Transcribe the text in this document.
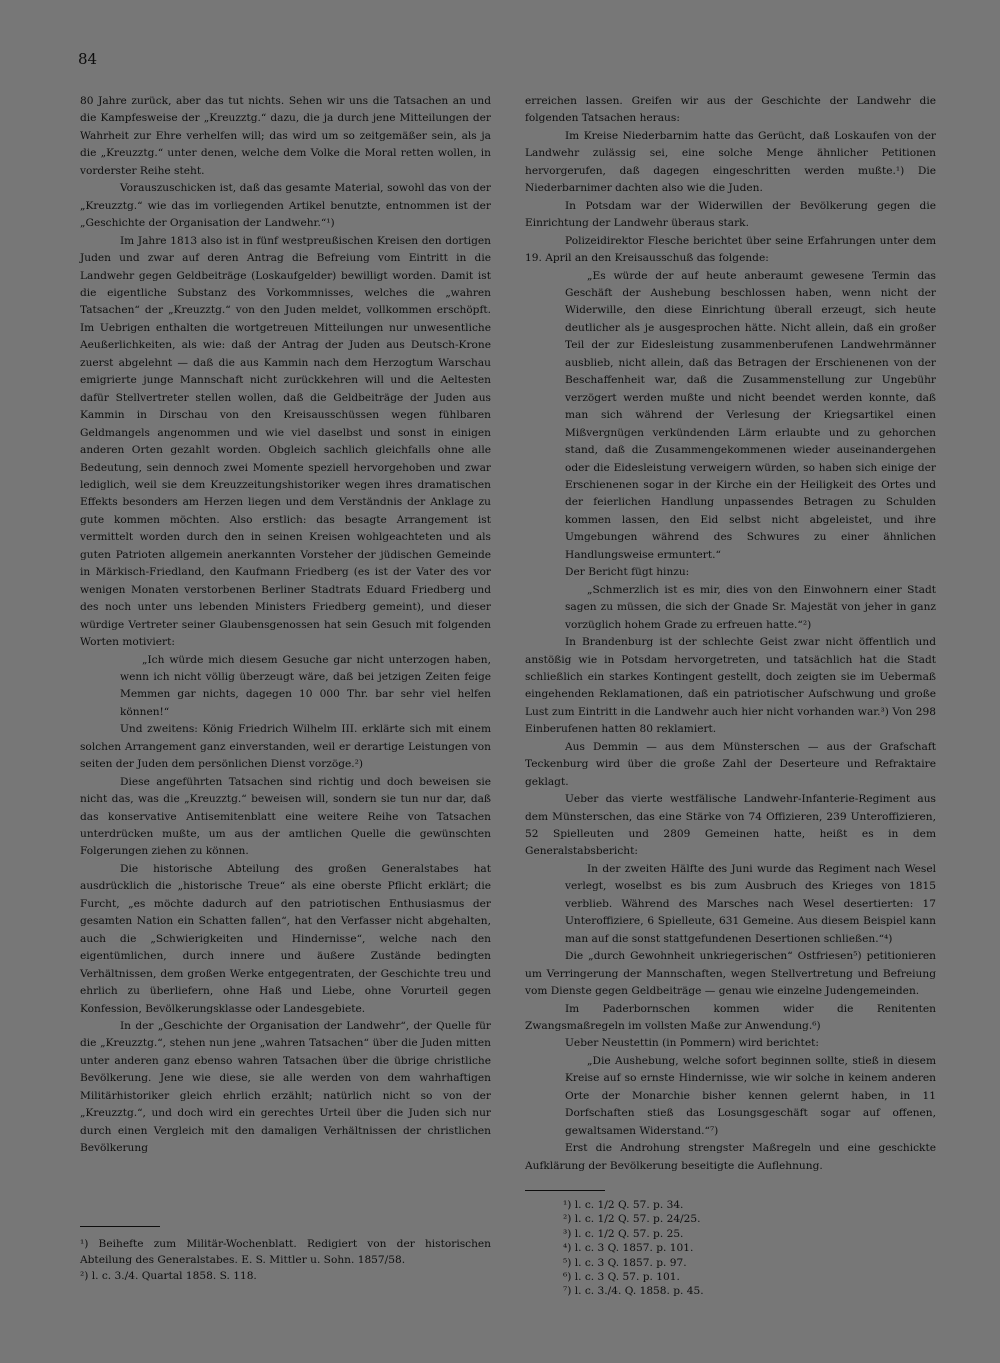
84

80 Jahre zurück, aber das tut nichts. Sehen wir uns die Tatsachen an und die Kampfesweise der „Kreuzztg.“ dazu, die ja durch jene Mitteilungen der Wahrheit zur Ehre verhelfen will; das wird um so zeitgemäßer sein, als ja die „Kreuzztg.“ unter denen, welche dem Volke die Moral retten wollen, in vorderster Reihe steht.

Vorauszuschicken ist, daß das gesamte Material, sowohl das von der „Kreuzztg.“ wie das im vorliegenden Artikel benutzte, entnommen ist der „Geschichte der Organisation der Landwehr.“¹)

Im Jahre 1813 also ist in fünf westpreußischen Kreisen den dortigen Juden und zwar auf deren Antrag die Befreiung vom Eintritt in die Landwehr gegen Geldbeiträge (Loskaufgelder) bewilligt worden. Damit ist die eigentliche Substanz des Vorkommnisses, welches die „wahren Tatsachen“ der „Kreuzztg.“ von den Juden meldet, vollkommen erschöpft. Im Uebrigen enthalten die wortgetreuen Mitteilungen nur unwesentliche Aeußerlichkeiten, als wie: daß der Antrag der Juden aus Deutsch-Krone zuerst abgelehnt — daß die aus Kammin nach dem Herzogtum Warschau emigrierte junge Mannschaft nicht zurückkehren will und die Aeltesten dafür Stellvertreter stellen wollen, daß die Geldbeiträge der Juden aus Kammin in Dirschau von den Kreisausschüssen wegen fühlbaren Geldmangels angenommen und wie viel daselbst und sonst in einigen anderen Orten gezahlt worden. Obgleich sachlich gleichfalls ohne alle Bedeutung, sein dennoch zwei Momente speziell hervorgehoben und zwar lediglich, weil sie dem Kreuzzeitungshistoriker wegen ihres dramatischen Effekts besonders am Herzen liegen und dem Verständnis der Anklage zu gute kommen möchten. Also erstlich: das besagte Arrangement ist vermittelt worden durch den in seinen Kreisen wohlgeachteten und als guten Patrioten allgemein anerkannten Vorsteher der jüdischen Gemeinde in Märkisch-Friedland, den Kaufmann Friedberg (es ist der Vater des vor wenigen Monaten verstorbenen Berliner Stadtrats Eduard Friedberg und des noch unter uns lebenden Ministers Friedberg gemeint), und dieser würdige Vertreter seiner Glaubensgenossen hat sein Gesuch mit folgenden Worten motiviert:

„Ich würde mich diesem Gesuche gar nicht unterzogen haben, wenn ich nicht völlig überzeugt wäre, daß bei jetzigen Zeiten feige Memmen gar nichts, dagegen 10 000 Thr. bar sehr viel helfen können!“

Und zweitens: König Friedrich Wilhelm III. erklärte sich mit einem solchen Arrangement ganz einverstanden, weil er derartige Leistungen von seiten der Juden dem persönlichen Dienst vorzöge.²)

Diese angeführten Tatsachen sind richtig und doch beweisen sie nicht das, was die „Kreuzztg.“ beweisen will, sondern sie tun nur dar, daß das konservative Antisemitenblatt eine weitere Reihe von Tatsachen unterdrücken mußte, um aus der amtlichen Quelle die gewünschten Folgerungen ziehen zu können.

Die historische Abteilung des großen Generalstabes hat ausdrücklich die „historische Treue“ als eine oberste Pflicht erklärt; die Furcht, „es möchte dadurch auf den patriotischen Enthusiasmus der gesamten Nation ein Schatten fallen“, hat den Verfasser nicht abgehalten, auch die „Schwierigkeiten und Hindernisse“, welche nach den eigentümlichen, durch innere und äußere Zustände bedingten Verhältnissen, dem großen Werke entgegentraten, der Geschichte treu und ehrlich zu überliefern, ohne Haß und Liebe, ohne Vorurteil gegen Konfession, Bevölkerungsklasse oder Landesgebiete.

In der „Geschichte der Organisation der Landwehr“, der Quelle für die „Kreuzztg.“, stehen nun jene „wahren Tatsachen“ über die Juden mitten unter anderen ganz ebenso wahren Tatsachen über die übrige christliche Bevölkerung. Jene wie diese, sie alle werden von dem wahrhaftigen Militärhistoriker gleich ehrlich erzählt; natürlich nicht so von der „Kreuzztg.“, und doch wird ein gerechtes Urteil über die Juden sich nur durch einen Vergleich mit den damaligen Verhältnissen der christlichen Bevölkerung

erreichen lassen. Greifen wir aus der Geschichte der Landwehr die folgenden Tatsachen heraus:

Im Kreise Niederbarnim hatte das Gerücht, daß Loskaufen von der Landwehr zulässig sei, eine solche Menge ähnlicher Petitionen hervorgerufen, daß dagegen eingeschritten werden mußte.¹) Die Niederbarnimer dachten also wie die Juden.

In Potsdam war der Widerwillen der Bevölkerung gegen die Einrichtung der Landwehr überaus stark.

Polizeidirektor Flesche berichtet über seine Erfahrungen unter dem 19. April an den Kreisausschuß das folgende:

„Es würde der auf heute anberaumt gewesene Termin das Geschäft der Aushebung beschlossen haben, wenn nicht der Widerwille, den diese Einrichtung überall erzeugt, sich heute deutlicher als je ausgesprochen hätte. Nicht allein, daß ein großer Teil der zur Eidesleistung zusammenberufenen Landwehrmänner ausblieb, nicht allein, daß das Betragen der Erschienenen von der Beschaffenheit war, daß die Zusammenstellung zur Ungebühr verzögert werden mußte und nicht beendet werden konnte, daß man sich während der Verlesung der Kriegsartikel einen Mißvergnügen verkündenden Lärm erlaubte und zu gehorchen stand, daß die Zusammengekommenen wieder auseinandergehen oder die Eidesleistung verweigern würden, so haben sich einige der Erschienenen sogar in der Kirche ein der Heiligkeit des Ortes und der feierlichen Handlung unpassendes Betragen zu Schulden kommen lassen, den Eid selbst nicht abgeleistet, und ihre Umgebungen während des Schwures zu einer ähnlichen Handlungsweise ermuntert.“

Der Bericht fügt hinzu:

„Schmerzlich ist es mir, dies von den Einwohnern einer Stadt sagen zu müssen, die sich der Gnade Sr. Majestät von jeher in ganz vorzüglich hohem Grade zu erfreuen hatte.“²)

In Brandenburg ist der schlechte Geist zwar nicht öffentlich und anstößig wie in Potsdam hervorgetreten, und tatsächlich hat die Stadt schließlich ein starkes Kontingent gestellt, doch zeigten sie im Uebermaß eingehenden Reklamationen, daß ein patriotischer Aufschwung und große Lust zum Eintritt in die Landwehr auch hier nicht vorhanden war.³) Von 298 Einberufenen hatten 80 reklamiert.

Aus Demmin — aus dem Münsterschen — aus der Grafschaft Teckenburg wird über die große Zahl der Deserteure und Refraktaire geklagt.

Ueber das vierte westfälische Landwehr-Infanterie-Regiment aus dem Münsterschen, das eine Stärke von 74 Offizieren, 239 Unteroffizieren, 52 Spielleuten und 2809 Gemeinen hatte, heißt es in dem Generalstabsbericht:

In der zweiten Hälfte des Juni wurde das Regiment nach Wesel verlegt, woselbst es bis zum Ausbruch des Krieges von 1815 verblieb. Während des Marsches nach Wesel desertierten: 17 Unteroffiziere, 6 Spielleute, 631 Gemeine. Aus diesem Beispiel kann man auf die sonst stattgefundenen Desertionen schließen.“⁴)

Die „durch Gewohnheit unkriegerischen“ Ostfriesen⁵) petitionieren um Verringerung der Mannschaften, wegen Stellvertretung und Befreiung vom Dienste gegen Geldbeiträge — genau wie einzelne Judengemeinden.

Im Paderbornschen kommen wider die Renitenten Zwangsmaßregeln im vollsten Maße zur Anwendung.⁶)

Ueber Neustettin (in Pommern) wird berichtet:

„Die Aushebung, welche sofort beginnen sollte, stieß in diesem Kreise auf so ernste Hindernisse, wie wir solche in keinem anderen Orte der Monarchie bisher kennen gelernt haben, in 11 Dorfschaften stieß das Losungsgeschäft sogar auf offenen, gewaltsamen Widerstand.“⁷)

Erst die Androhung strengster Maßregeln und eine geschickte Aufklärung der Bevölkerung beseitigte die Auflehnung.

¹) Beihefte zum Militär-Wochenblatt. Redigiert von der historischen Abteilung des Generalstabes. E. S. Mittler u. Sohn. 1857/58.
²) l. c. 3./4. Quartal 1858. S. 118.
¹) l. c. 1/2 Q. 57. p. 34.
²) l. c. 1/2 Q. 57. p. 24/25.
³) l. c. 1/2 Q. 57. p. 25.
⁴) l. c. 3 Q. 1857. p. 101.
⁵) l. c. 3 Q. 1857. p. 97.
⁶) l. c. 3 Q. 57. p. 101.
⁷) l. c. 3./4. Q. 1858. p. 45.
